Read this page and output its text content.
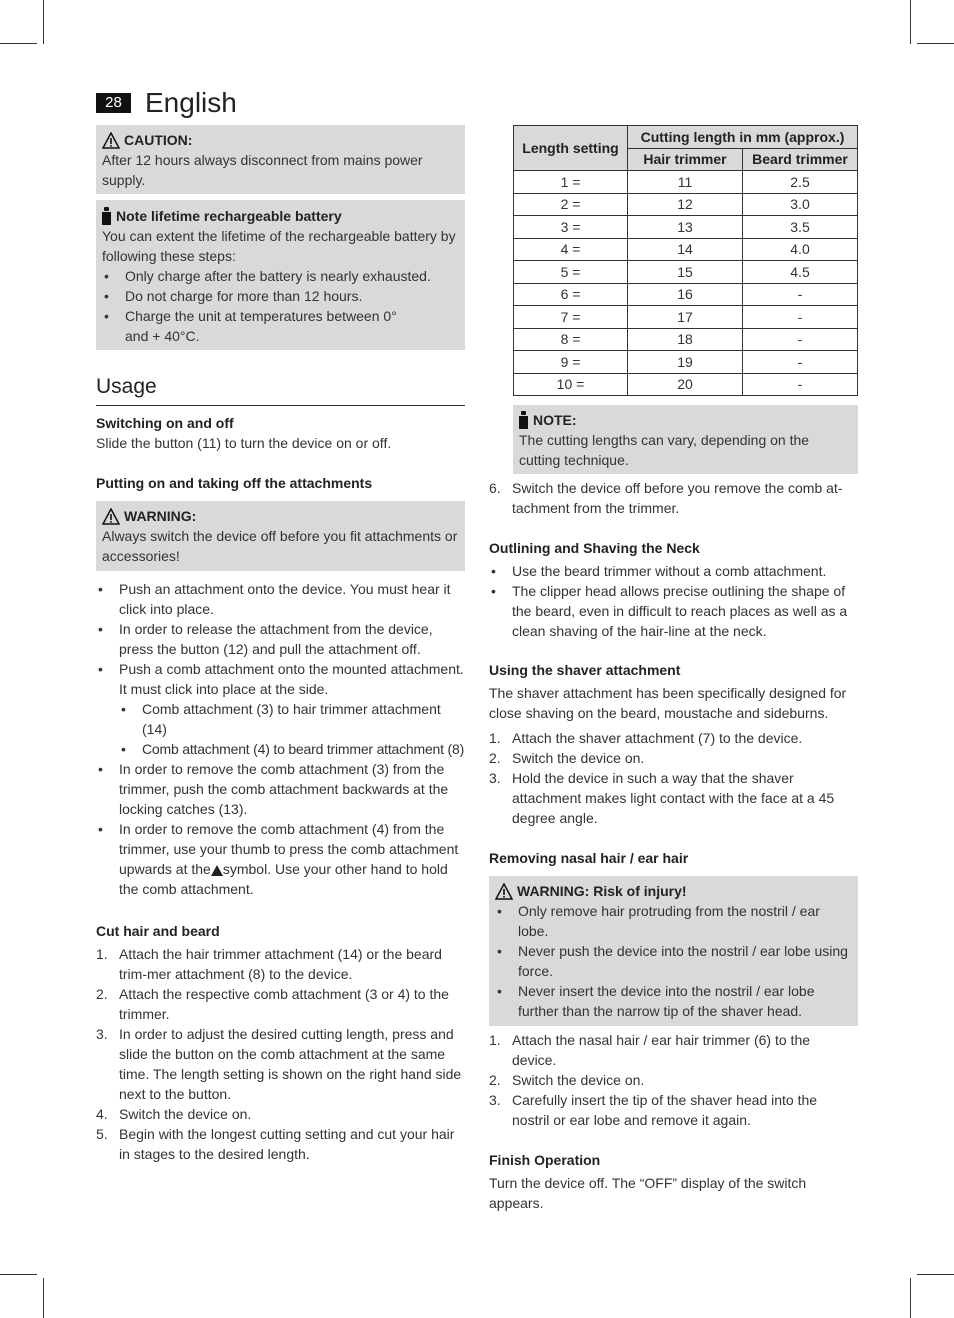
28 English
CAUTION:

After 12 hours always disconnect from mains power supply.

Note lifetime rechargeable battery

You can extent the lifetime of the rechargeable battery by following these steps:

• Only charge after the battery is nearly exhausted.
• Do not charge for more than 12 hours.
• Charge the unit at temperatures between 0° and + 40°C.
Usage
Switching on and off

Slide the button (11) to turn the device on or off.

Putting on and taking off the attachments
WARNING:

Always switch the device off before you fit attachments or accessories!

• Push an attachment onto the device. You must hear it click into place.
• In order to release the attachment from the device, press the button (12) and pull the attachment off.
• Push a comb attachment onto the mounted attachment. It must click into place at the side.
• Comb attachment (3) to hair trimmer attachment (14)
• Comb attachment (4) to beard trimmer attachment (8)
• In order to remove the comb attachment (3) from the trimmer, push the comb attachment backwards at the locking catches (13).
• In order to remove the comb attachment (4) from the trimmer, use your thumb to press the comb attachment upwards at the symbol. Use your other hand to hold the comb attachment.
Cut hair and beard
1. Attach the hair trimmer attachment (14) or the beard trim-mer attachment (8) to the device.
2. Attach the respective comb attachment (3 or 4) to the trimmer.
3. In order to adjust the desired cutting length, press and slide the button on the comb attachment at the same time. The length setting is shown on the right hand side next to the button.
4. Switch the device on.
5. Begin with the longest cutting setting and cut your hair in stages to the desired length.
Length setting	Cutting length in mm (approx.)	
	Hair trimmer	Beard trimmer
1 =	11	2.5
2 =	12	3.0
3 =	13	3.5
4 =	14	4.0
5 =	15	4.5
6 =	16	-
7 =	17	-
8 =	18	-
9 =	19	-
10 =	20	-
NOTE:

The cutting lengths can vary, depending on the cutting technique.

6. Switch the device off before you remove the comb at-tachment from the trimmer.
Outlining and Shaving the Neck
• Use the beard trimmer without a comb attachment.
• The clipper head allows precise outlining the shape of the beard, even in difficult to reach places as well as a clean shaving of the hair-line at the neck.
Using the shaver attachment

The shaver attachment has been specifically designed for close shaving on the beard, moustache and sideburns.

1. Attach the shaver attachment (7) to the device.
2. Switch the device on.
3. Hold the device in such a way that the shaver attachment makes light contact with the face at a 45 degree angle.
Removing nasal hair / ear hair
WARNING: Risk of injury!
• Only remove hair protruding from the nostril / ear lobe.
• Never push the device into the nostril / ear lobe using force.
• Never insert the device into the nostril / ear lobe further than the narrow tip of the shaver head.
1. Attach the nasal hair / ear hair trimmer (6) to the device.
2. Switch the device on.
3. Carefully insert the tip of the shaver head into the nostril or ear lobe and remove it again.
Finish Operation

Turn the device off. The “OFF” display of the switch appears.
